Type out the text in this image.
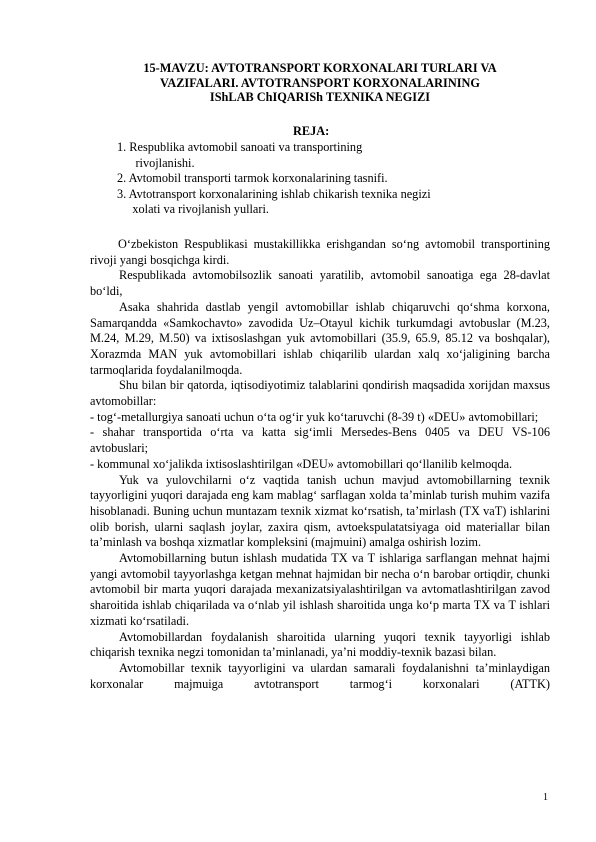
15-MAVZU: AVTOTRANSPORT KORXONALARI TURLARI VA
VAZIFALARI. AVTOTRANSPORT KORXONALARINING
IShLAB ChIQARISh TEXNIKA NEGIZI
REJA:
1. Respublika avtomobil sanoati va transportining
rivojlanishi.
2. Avtomobil transporti tarmok korxonalarining tasnifi.
3. Avtotransport korxonalarining ishlab chikarish texnika negizi
xolati va rivojlanish yullari.

O‘zbekiston Respublikasi mustakillikka erishgandan so‘ng avtomobil transportining rivoji yangi bosqichga kirdi.

Respublikada avtomobilsozlik sanoati yaratilib, avtomobil sanoatiga ega 28-davlat bo‘ldi,

Asaka shahrida dastlab yengil avtomobillar ishlab chiqaruvchi qo‘shma korxona, Samarqandda «Samkochavto» zavodida Uz–Otayul kichik turkumdagi avtobuslar (M.23, M.24, M.29, M.50) va ixtisoslashgan yuk avtomobillari (35.9, 65.9, 85.12 va boshqalar), Xorazmda MAN yuk avtomobillari ishlab chiqarilib ulardan xalq xo‘jaligining barcha tarmoqlarida foydalanilmoqda.

Shu bilan bir qatorda, iqtisodiyotimiz talablarini qondirish maqsadida xorijdan maxsus avtomobillar:

- tog‘-metallurgiya sanoati uchun o‘ta og‘ir yuk ko‘taruvchi (8-39 t) «DEU» avtomobillari;

- shahar transportida o‘rta va katta sig‘imli Mersedes-Bens 0405 va DEU VS-106 avtobuslari;

- kommunal xo‘jalikda ixtisoslashtirilgan «DEU» avtomobillari qo‘llanilib kelmoqda.

Yuk va yulovchilarni o‘z vaqtida tanish uchun mavjud avtomobillarning texnik tayyorligini yuqori darajada eng kam mablag‘ sarflagan xolda ta’minlab turish muhim vazifa hisoblanadi. Buning uchun muntazam texnik xizmat ko‘rsatish, ta’mirlash (TX vaT) ishlarini olib borish, ularni saqlash joylar, zaxira qism, avtoekspulatatsiyaga oid materiallar bilan ta’minlash va boshqa xizmatlar kompleksini (majmuini) amalga oshirish lozim.

Avtomobillarning butun ishlash mudatida TX va T ishlariga sarflangan mehnat hajmi yangi avtomobil tayyorlashga ketgan mehnat hajmidan bir necha o‘n barobar ortiqdir, chunki avtomobil bir marta yuqori darajada mexanizatsiyalashtirilgan va avtomatlashtirilgan zavod sharoitida ishlab chiqarilada va o‘nlab yil ishlash sharoitida unga ko‘p marta TX va T ishlari xizmati ko‘rsatiladi.

Avtomobillardan foydalanish sharoitida ularning yuqori texnik tayyorligi ishlab chiqarish texnika negzi tomonidan ta’minlanadi, ya’ni moddiy-texnik bazasi bilan.

Avtomobillar texnik tayyorligini va ulardan samarali foydalanishni ta’minlaydigan korxonalar majmuiga avtotransport tarmog‘i korxonalari (ATTK)

1
